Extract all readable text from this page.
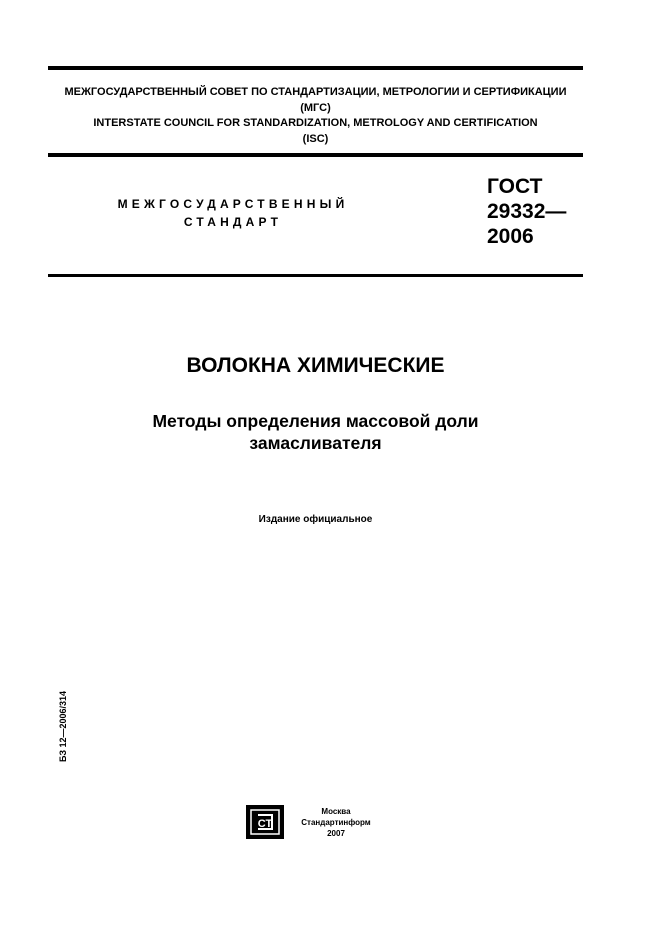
МЕЖГОСУДАРСТВЕННЫЙ СОВЕТ ПО СТАНДАРТИЗАЦИИ, МЕТРОЛОГИИ И СЕРТИФИКАЦИИ
(МГС)
INTERSTATE COUNCIL FOR STANDARDIZATION, METROLOGY AND CERTIFICATION
(ISC)
МЕЖГОСУДАРСТВЕННЫЙ
СТАНДАРТ
ГОСТ
29332—
2006
ВОЛОКНА ХИМИЧЕСКИЕ
Методы определения массовой доли
замасливателя
Издание официальное
БЗ 12—2006/314
СТ
Москва
Стандартинформ
2007
